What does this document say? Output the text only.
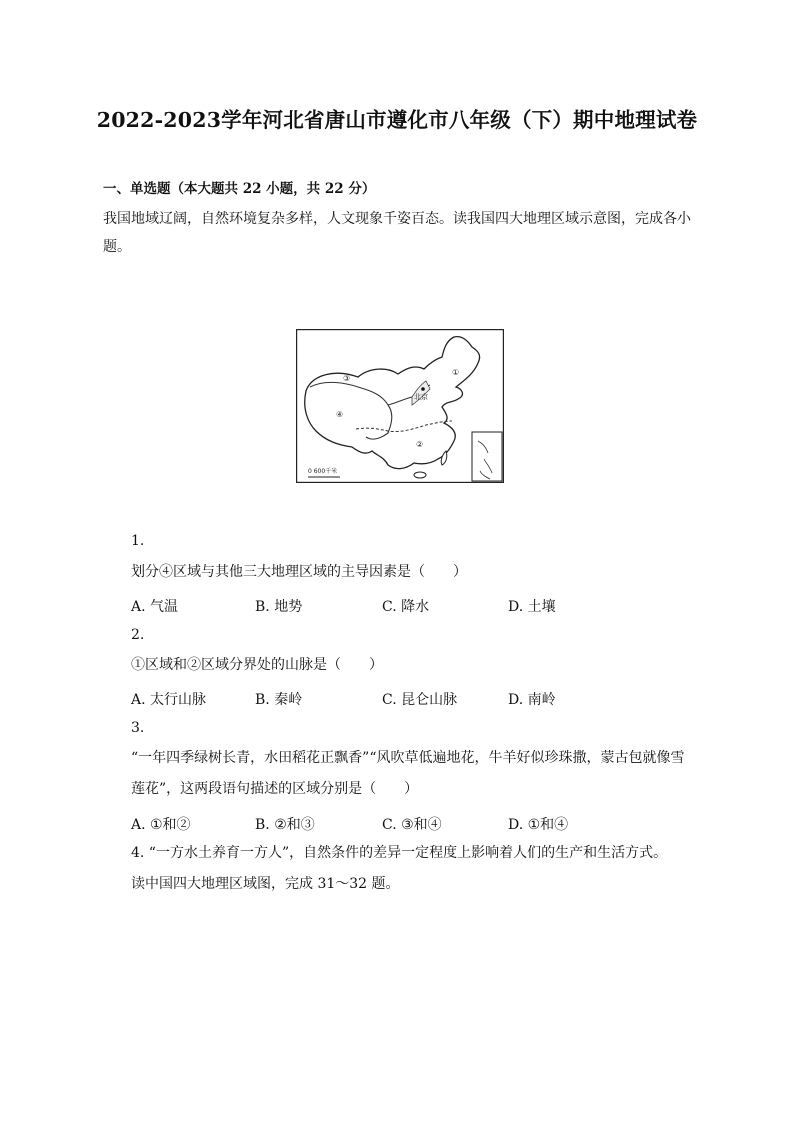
2022-2023学年河北省唐山市遵化市八年级（下）期中地理试卷
一、单选题（本大题共 22 小题，共 22 分）
我国地域辽阔，自然环境复杂多样，人文现象千姿百态。读我国四大地理区域示意图，完成各小题。
③
①
④
②
北京
0 600千米
1.
划分④区域与其他三大地理区域的主导因素是（　　）
A. 气温	B. 地势	C. 降水	D. 土壤
2.
①区域和②区域分界处的山脉是（　　）
A. 太行山脉	B. 秦岭	C. 昆仑山脉	D. 南岭
3.
“一年四季绿树长青，水田稻花正飘香”“风吹草低遍地花，牛羊好似珍珠撒，蒙古包就像雪莲花”，这两段语句描述的区域分别是（　　）
A. ①和②	B. ②和③	C. ③和④	D. ①和④
4. “一方水土养育一方人”，自然条件的差异一定程度上影响着人们的生产和生活方式。
读中国四大地理区域图，完成 31～32 题。
